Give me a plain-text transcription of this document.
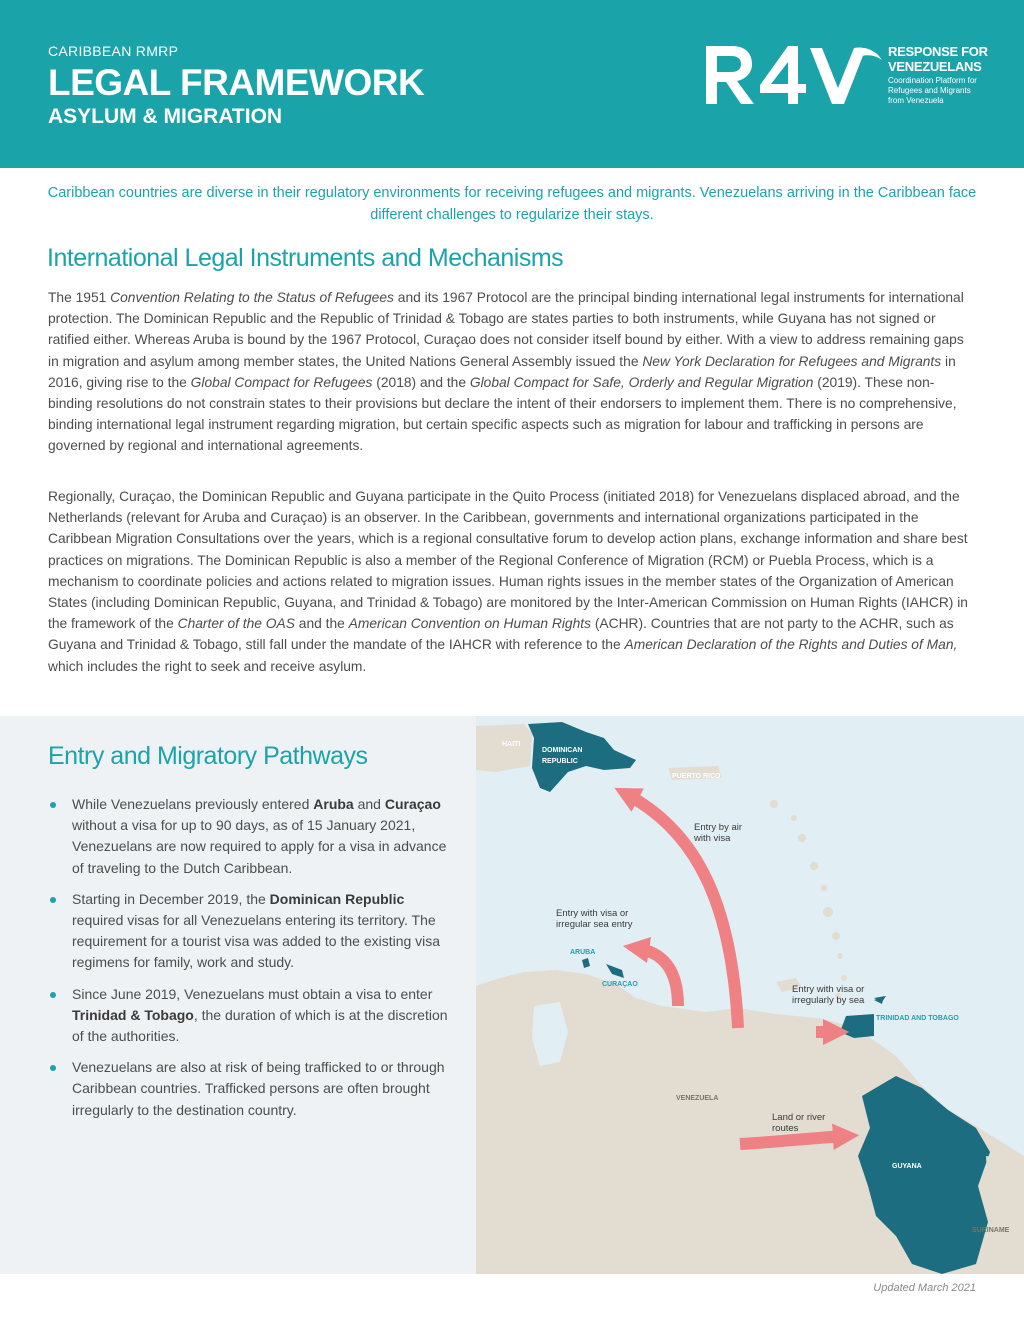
CARIBBEAN RMRP
LEGAL FRAMEWORK
ASYLUM & MIGRATION
RESPONSE FOR
VENEZUELANS
Coordination Platform for Refugees and Migrants from Venezuela
Caribbean countries are diverse in their regulatory environments for receiving refugees and migrants. Venezuelans arriving in the Caribbean face different challenges to regularize their stays.
International Legal Instruments and Mechanisms

The 1951 Convention Relating to the Status of Refugees and its 1967 Protocol are the principal binding international legal instruments for international protection. The Dominican Republic and the Republic of Trinidad & Tobago are states parties to both instruments, while Guyana has not signed or ratified either. Whereas Aruba is bound by the 1967 Protocol, Curaçao does not consider itself bound by either. With a view to address remaining gaps in migration and asylum among member states, the United Nations General Assembly issued the New York Declaration for Refugees and Migrants in 2016, giving rise to the Global Compact for Refugees (2018) and the Global Compact for Safe, Orderly and Regular Migration (2019). These non-binding resolutions do not constrain states to their provisions but declare the intent of their endorsers to implement them. There is no comprehensive, binding international legal instrument regarding migration, but certain specific aspects such as migration for labour and trafficking in persons are governed by regional and international agreements.

Regionally, Curaçao, the Dominican Republic and Guyana participate in the Quito Process (initiated 2018) for Venezuelans displaced abroad, and the Netherlands (relevant for Aruba and Curaçao) is an observer. In the Caribbean, governments and international organizations participated in the Caribbean Migration Consultations over the years, which is a regional consultative forum to develop action plans, exchange information and share best practices on migrations. The Dominican Republic is also a member of the Regional Conference of Migration (RCM) or Puebla Process, which is a mechanism to coordinate policies and actions related to migration issues. Human rights issues in the member states of the Organization of American States (including Dominican Republic, Guyana, and Trinidad & Tobago) are monitored by the Inter-American Commission on Human Rights (IAHCR) in the framework of the Charter of the OAS and the American Convention on Human Rights (ACHR). Countries that are not party to the ACHR, such as Guyana and Trinidad & Tobago, still fall under the mandate of the IAHCR with reference to the American Declaration of the Rights and Duties of Man, which includes the right to seek and receive asylum.

Entry and Migratory Pathways
While Venezuelans previously entered Aruba and Curaçao without a visa for up to 90 days, as of 15 January 2021, Venezuelans are now required to apply for a visa in advance of traveling to the Dutch Caribbean.
Starting in December 2019, the Dominican Republic required visas for all Venezuelans entering its territory. The requirement for a tourist visa was added to the existing visa regimens for family, work and study.
Since June 2019, Venezuelans must obtain a visa to enter Trinidad & Tobago, the duration of which is at the discretion of the authorities.
Venezuelans are also at risk of being trafficked to or through Caribbean countries. Trafficked persons are often brought irregularly to the destination country.
HAITI
DOMINICAN REPUBLIC
PUERTO RICO
ARUBA
CURAÇAO
TRINIDAD AND TOBAGO
VENEZUELA
GUYANA
SURINAME
Entry by air with visa
Entry with visa or irregular sea entry
Entry with visa or irregularly by sea
Land or river routes
Updated March 2021
